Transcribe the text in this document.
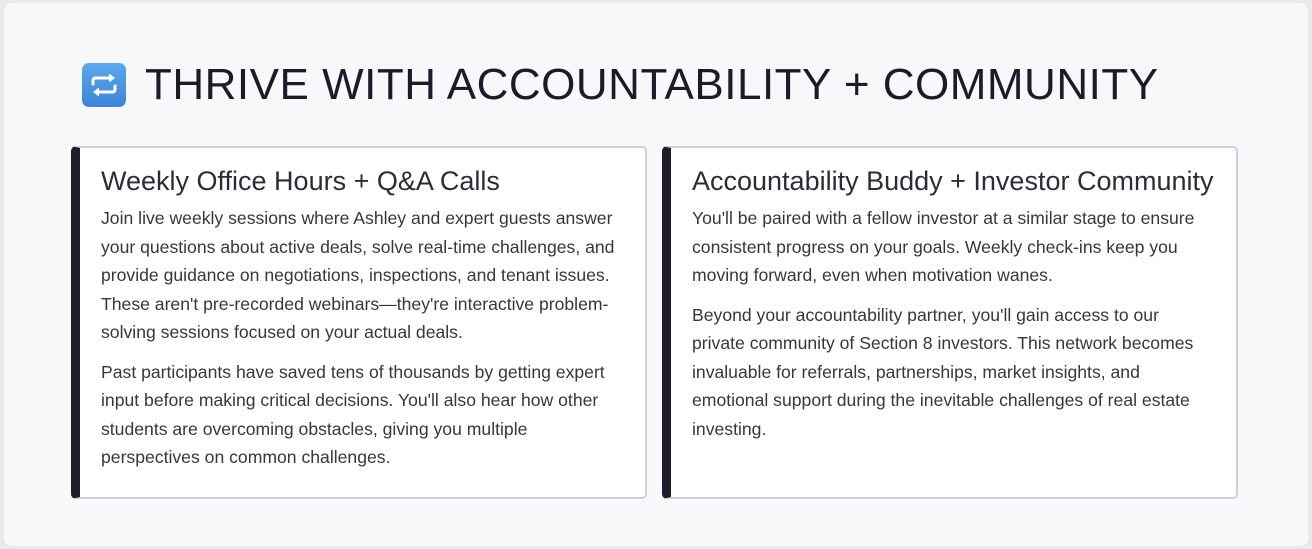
THRIVE WITH ACCOUNTABILITY + COMMUNITY
Weekly Office Hours + Q&A Calls

Join live weekly sessions where Ashley and expert guests answer your questions about active deals, solve real-time challenges, and provide guidance on negotiations, inspections, and tenant issues. These aren't pre-recorded webinars—they're interactive problem-solving sessions focused on your actual deals.

Past participants have saved tens of thousands by getting expert input before making critical decisions. You'll also hear how other students are overcoming obstacles, giving you multiple perspectives on common challenges.

Accountability Buddy + Investor Community

You'll be paired with a fellow investor at a similar stage to ensure consistent progress on your goals. Weekly check-ins keep you moving forward, even when motivation wanes.

Beyond your accountability partner, you'll gain access to our private community of Section 8 investors. This network becomes invaluable for referrals, partnerships, market insights, and emotional support during the inevitable challenges of real estate investing.
